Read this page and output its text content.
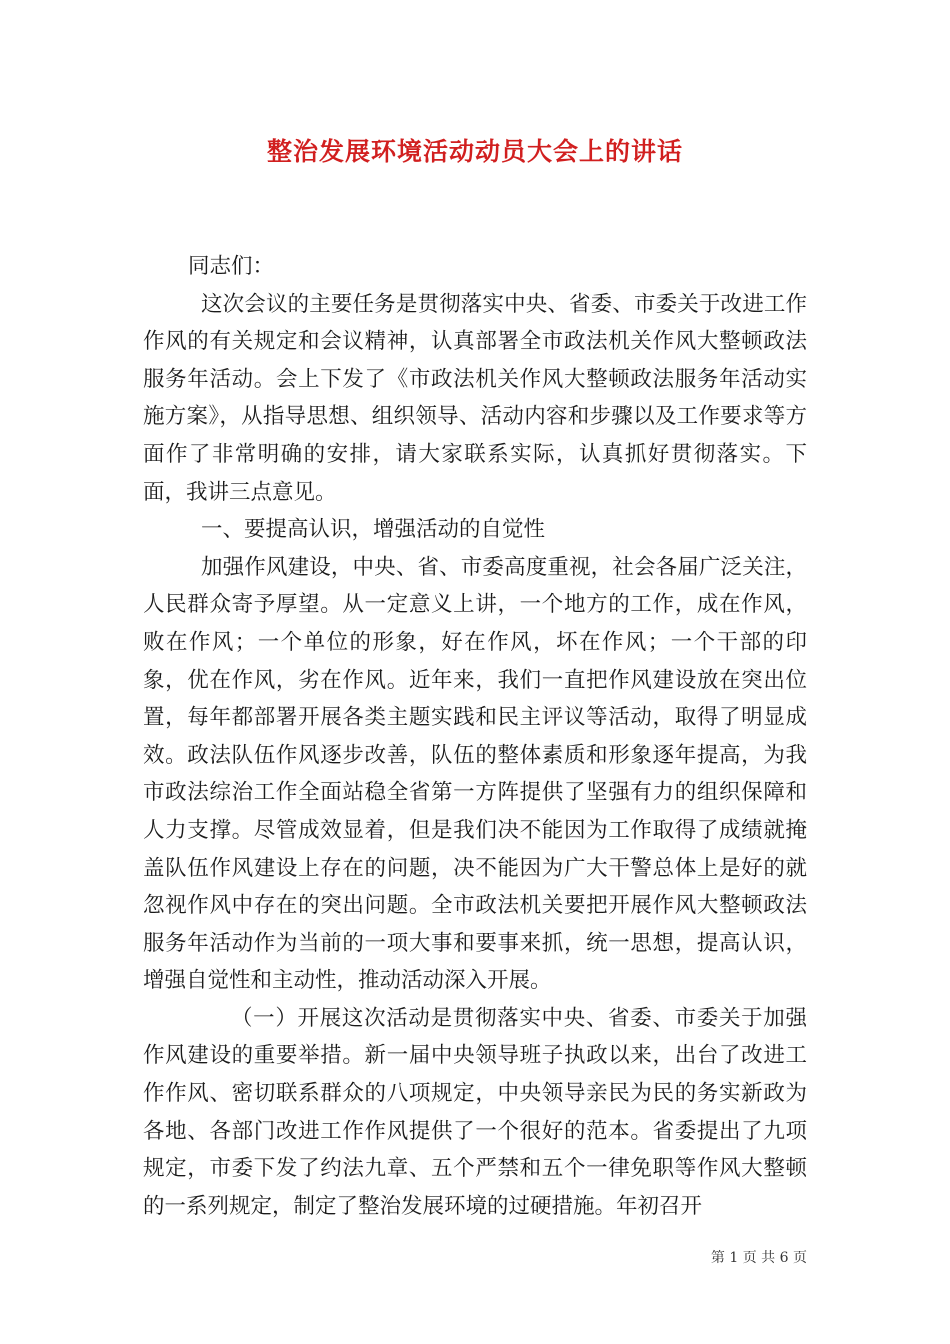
整治发展环境活动动员大会上的讲话

同志们：

这次会议的主要任务是贯彻落实中央、省委、市委关于改进工作作风的有关规定和会议精神，认真部署全市政法机关作风大整顿政法服务年活动。会上下发了《市政法机关作风大整顿政法服务年活动实施方案》，从指导思想、组织领导、活动内容和步骤以及工作要求等方面作了非常明确的安排，请大家联系实际，认真抓好贯彻落实。下面，我讲三点意见。

一、要提高认识，增强活动的自觉性

加强作风建设，中央、省、市委高度重视，社会各届广泛关注，人民群众寄予厚望。从一定意义上讲，一个地方的工作，成在作风，败在作风；一个单位的形象，好在作风，坏在作风；一个干部的印象，优在作风，劣在作风。近年来，我们一直把作风建设放在突出位置，每年都部署开展各类主题实践和民主评议等活动，取得了明显成效。政法队伍作风逐步改善，队伍的整体素质和形象逐年提高，为我市政法综治工作全面站稳全省第一方阵提供了坚强有力的组织保障和人力支撑。尽管成效显着，但是我们决不能因为工作取得了成绩就掩盖队伍作风建设上存在的问题，决不能因为广大干警总体上是好的就忽视作风中存在的突出问题。全市政法机关要把开展作风大整顿政法服务年活动作为当前的一项大事和要事来抓，统一思想，提高认识，增强自觉性和主动性，推动活动深入开展。

（一）开展这次活动是贯彻落实中央、省委、市委关于加强作风建设的重要举措。新一届中央领导班子执政以来，出台了改进工作作风、密切联系群众的八项规定，中央领导亲民为民的务实新政为各地、各部门改进工作作风提供了一个很好的范本。省委提出了九项规定，市委下发了约法九章、五个严禁和五个一律免职等作风大整顿的一系列规定，制定了整治发展环境的过硬措施。年初召开

第 1 页 共 6 页
